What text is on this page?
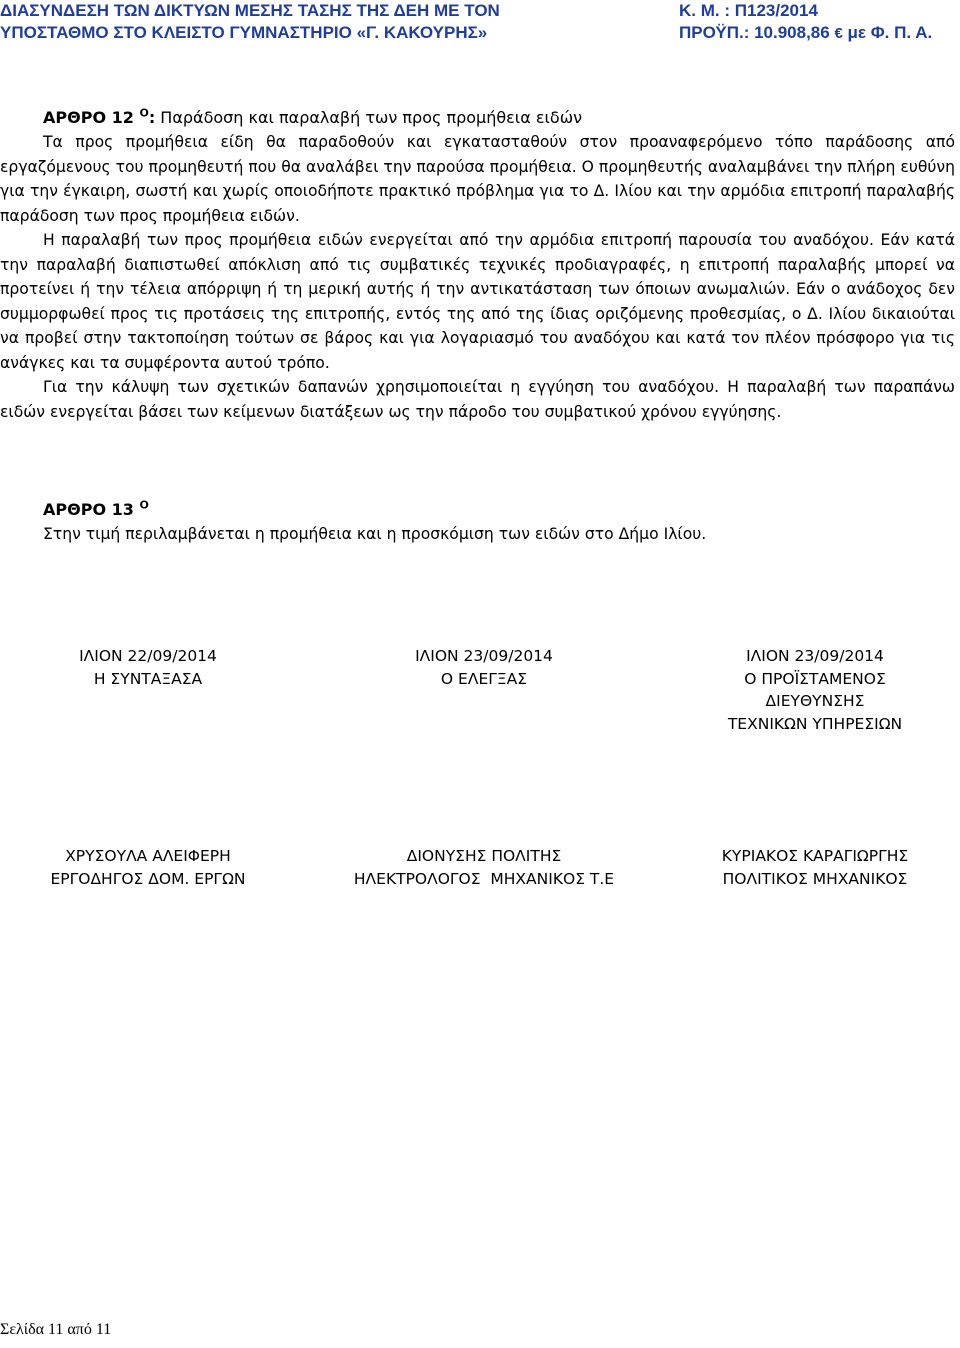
ΔΙΑΣΥΝΔΕΣΗ ΤΩΝ ΔΙΚΤΥΩΝ ΜΕΣΗΣ ΤΑΣΗΣ ΤΗΣ ΔΕΗ ΜΕ ΤΟΝ
ΥΠΟΣΤΑΘΜΟ ΣΤΟ ΚΛΕΙΣΤΟ ΓΥΜΝΑΣΤΗΡΙΟ «Γ. ΚΑΚΟΥΡΗΣ»
Κ. Μ. : Π123/2014
ΠΡΟΫΠ.: 10.908,86 € με Φ. Π. Α.
ΑΡΘΡΟ 12 $^O$: Παράδοση και παραλαβή των προς προμήθεια ειδών

Τα προς προμήθεια είδη θα παραδοθούν και εγκατασταθούν στον προαναφερόμενο τόπο παράδοσης από εργαζόμενους του προμηθευτή που θα αναλάβει την παρούσα προμήθεια. Ο προμηθευτής αναλαμβάνει την πλήρη ευθύνη για την έγκαιρη, σωστή και χωρίς οποιοδήποτε πρακτικό πρόβλημα για το Δ. Ιλίου και την αρμόδια επιτροπή παραλαβής παράδοση των προς προμήθεια ειδών.

Η παραλαβή των προς προμήθεια ειδών ενεργείται από την αρμόδια επιτροπή παρουσία του αναδόχου. Εάν κατά την παραλαβή διαπιστωθεί απόκλιση από τις συμβατικές τεχνικές προδιαγραφές, η επιτροπή παραλαβής μπορεί να προτείνει ή την τέλεια απόρριψη ή τη μερική αυτής ή την αντικατάσταση των όποιων ανωμαλιών. Εάν ο ανάδοχος δεν συμμορφωθεί προς τις προτάσεις της επιτροπής, εντός της από της ίδιας οριζόμενης προθεσμίας, ο Δ. Ιλίου δικαιούται να προβεί στην τακτοποίηση τούτων σε βάρος και για λογαριασμό του αναδόχου και κατά τον πλέον πρόσφορο για τις ανάγκες και τα συμφέροντα αυτού τρόπο.

Για την κάλυψη των σχετικών δαπανών χρησιμοποιείται η εγγύηση του αναδόχου. Η παραλαβή των παραπάνω ειδών ενεργείται βάσει των κείμενων διατάξεων ως την πάροδο του συμβατικού χρόνου εγγύησης.

ΑΡΘΡΟ 13 $^O$

Στην τιμή περιλαμβάνεται η προμήθεια και η προσκόμιση των ειδών στο Δήμο Ιλίου.

ΙΛΙΟΝ 22/09/2014
Η ΣΥΝΤΑΞΑΣΑ
ΙΛΙΟΝ 23/09/2014
Ο ΕΛΕΓΞΑΣ
ΙΛΙΟΝ 23/09/2014
Ο ΠΡΟΪΣΤΑΜΕΝΟΣ
ΔΙΕΥΘΥΝΣΗΣ
ΤΕΧΝΙΚΩΝ ΥΠΗΡΕΣΙΩΝ
ΧΡΥΣΟΥΛΑ ΑΛΕΙΦΕΡΗ
ΕΡΓΟΔΗΓΟΣ ΔΟΜ. ΕΡΓΩΝ
ΔΙΟΝΥΣΗΣ ΠΟΛΙΤΗΣ
ΗΛΕΚΤΡΟΛΟΓΟΣ  ΜΗΧΑΝΙΚΟΣ Τ.Ε
ΚΥΡΙΑΚΟΣ ΚΑΡΑΓΙΩΡΓΗΣ
ΠΟΛΙΤΙΚΟΣ ΜΗΧΑΝΙΚΟΣ
Σελίδα 11 από 11
